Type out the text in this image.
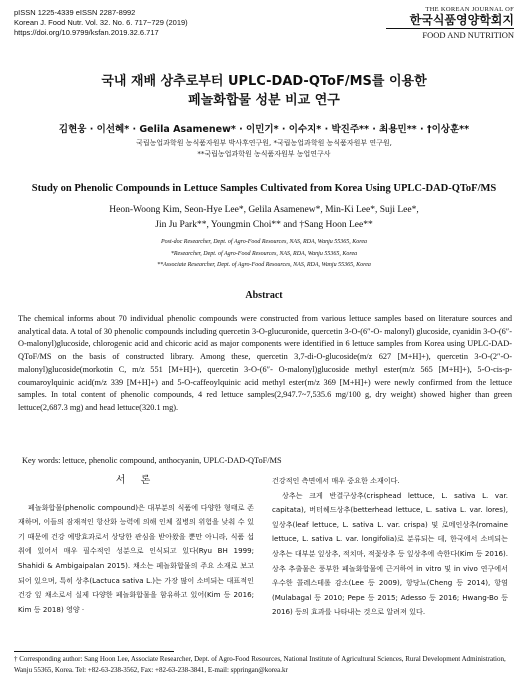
pISSN 1225-4339 eISSN 2287-8992
Korean J. Food Nutr. Vol. 32. No. 6. 717~729 (2019)
https://doi.org/10.9799/ksfan.2019.32.6.717
THE KOREAN JOURNAL OF
한국식품영양학회지
FOOD AND NUTRITION
국내 재배 상추로부터 UPLC-DAD-QToF/MS를 이용한
페놀화합물 성분 비교 연구
김현웅 · 이선혜* · Gelila Asamenew* · 이민기* · 이수지* · 박진주** · 최용민** · †이상훈**
국립농업과학원 농식품자원부 박사후연구원, *국립농업과학원 농식품자원부 연구원,
**국립농업과학원 농식품자원부 농업연구사
Study on Phenolic Compounds in Lettuce Samples Cultivated from Korea Using UPLC-DAD-QToF/MS
Heon-Woong Kim, Seon-Hye Lee*, Gelila Asamenew*, Min-Ki Lee*, Suji Lee*,
Jin Ju Park**, Youngmin Choi** and †Sang Hoon Lee**
Post-doc Researcher, Dept. of Agro-Food Resources, NAS, RDA, Wanju 55365, Korea
*Researcher, Dept. of Agro-Food Resources, NAS, RDA, Wanju 55365, Korea
**Associate Researcher, Dept. of Agro-Food Resources, NAS, RDA, Wanju 55365, Korea
Abstract
The chemical informs about 70 individual phenolic compounds were constructed from various lettuce samples based on literature sources and analytical data. A total of 30 phenolic compounds including quercetin 3-O-glucuronide, quercetin 3-O-(6″-O- malonyl) glucoside, cyanidin 3-O-(6″-O-malonyl)glucoside, chlorogenic acid and chicoric acid as major components were identified in 6 lettuce samples from Korea using UPLC-DAD-QToF/MS on the basis of constructed library. Among these, quercetin 3,7-di-O-glucoside(m/z 627 [M+H]+), quercetin 3-O-(2″-O-malonyl)glucoside(morkotin C, m/z 551 [M+H]+), quercetin 3-O-(6″- O-malonyl)glucoside methyl ester(m/z 565 [M+H]+), 5-O-cis-p-coumaroylquinic acid(m/z 339 [M+H]+) and 5-O-caffeoylquinic acid methyl ester(m/z 369 [M+H]+) were newly confirmed from the lettuce samples. In total content of phenolic compounds, 4 red lettuce samples(2,947.7~7,535.6 mg/100 g, dry weight) showed higher than green lettuce(2,687.3 mg) and head lettuce(320.1 mg).
Key words: lettuce, phenolic compound, anthocyanin, UPLC-DAD-QToF/MS
서 론

페놀화합물(phenolic compound)은 대부분의 식품에 다양한 형태로 존재하며, 이들의 잠재적인 항산화 능력에 의해 인체 질병의 위험을 낮춰 수 있기 때문에 건강 예방효과로서 상당한 관심을 받아왔을 뿐만 아니라, 식품 섭취에 있어서 매우 필수적인 성분으로 인식되고 있다(Ryu BH 1999; Shahidi & Ambigaipalan 2015). 채소는 페놀화합물의 주요 소재로 보고되어 있으며, 특히 상추(Lactuca sativa L.)는 가장 많이 소비되는 대표적인 건강 잎 채소로서 실제 다양한 페놀화합물을 함유하고 있어(Kim 등 2016; Kim 등 2018) 영양 ·

건강적인 측면에서 매우 중요한 소재이다.

상추는 크게 반결구상추(crisphead lettuce, L. sativa L. var. capitata), 버터헤드상추(betterhead lettuce, L. sativa L. var. lores), 잎상추(leaf lettuce, L. sativa L. var. crispa) 및 로메인상추(romaine lettuce, L. sativa L. var. longifolia)로 분류되는 데, 한국에서 소비되는 상추는 대부분 잎상추, 적치마, 적꽃상추 등 잎상추에 속한다(Kim 등 2016). 상추 추출물은 풍부한 페놀화합물에 근거하여 in vitro 및 in vivo 연구에서 우수한 콜레스테롤 감소(Lee 등 2009), 항당뇨(Cheng 등 2014), 항염(Mulabagal 등 2010; Pepe 등 2015; Adesso 등 2016; Hwang-Bo 등 2016) 등의 효과를 나타내는 것으로 알려져 있다.

† Corresponding author: Sang Hoon Lee, Associate Researcher, Dept. of Agro-Food Resources, National Institute of Agricultural Sciences, Rural Development Administration, Wanju 55365, Korea. Tel: +82-63-238-3562, Fax: +82-63-238-3841, E-mail: sppringan@korea.kr
